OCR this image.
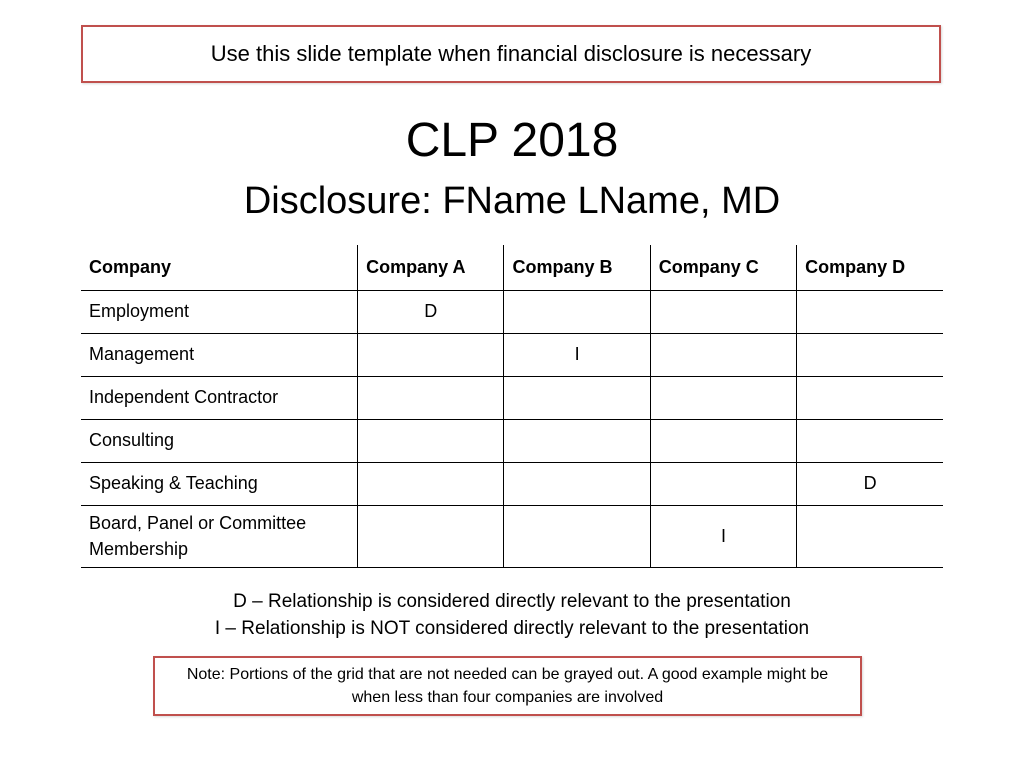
Use this slide template when financial disclosure is necessary
CLP 2018
Disclosure: FName LName, MD
Company	Company A	Company B	Company C	Company D
Employment	D			
Management		I		
Independent Contractor				
Consulting				
Speaking & Teaching				D
Board, Panel or Committee Membership			I	
D – Relationship is considered directly relevant to the presentation
I – Relationship is NOT considered directly relevant to the presentation
Note: Portions of the grid that are not needed can be grayed out. A good example might be when less than four companies are involved
